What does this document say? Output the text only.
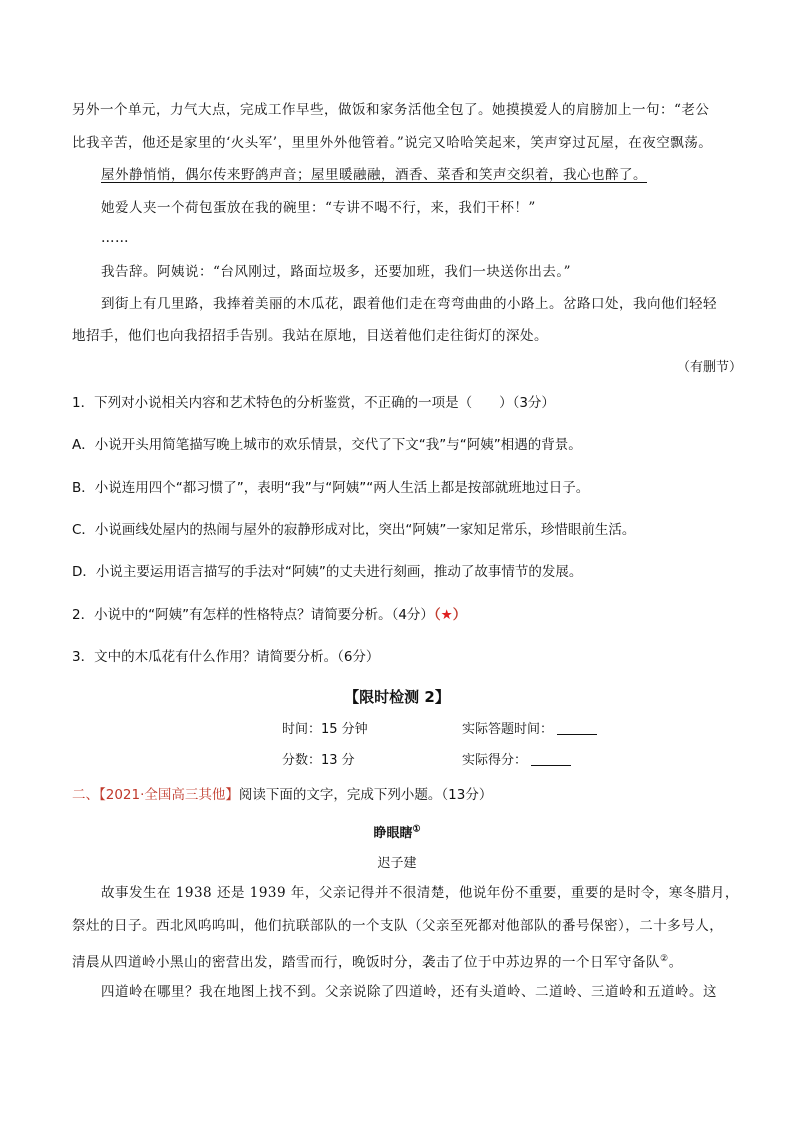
另外一个单元，力气大点，完成工作早些，做饭和家务活他全包了。她摸摸爱人的肩膀加上一句：“老公
比我辛苦，他还是家里的‘火头军’，里里外外他管着。”说完又哈哈笑起来，笑声穿过瓦屋，在夜空飘荡。
屋外静悄悄，偶尔传来野鸽声音；屋里暖融融，酒香、菜香和笑声交织着，我心也醉了。
她爱人夹一个荷包蛋放在我的碗里：“专讲不喝不行，来，我们干杯！”
……
我告辞。阿姨说：“台风刚过，路面垃圾多，还要加班，我们一块送你出去。”
到街上有几里路，我捧着美丽的木瓜花，跟着他们走在弯弯曲曲的小路上。岔路口处，我向他们轻轻
地招手，他们也向我招招手告别。我站在原地，目送着他们走往街灯的深处。
（有删节）
1．下列对小说相关内容和艺术特色的分析鉴赏，不正确的一项是（　　）（3分）
A．小说开头用简笔描写晚上城市的欢乐情景，交代了下文“我”与“阿姨”相遇的背景。
B．小说连用四个“都习惯了”，表明“我”与“阿姨”“两人生活上都是按部就班地过日子。
C．小说画线处屋内的热闹与屋外的寂静形成对比，突出“阿姨”一家知足常乐，珍惜眼前生活。
D．小说主要运用语言描写的手法对“阿姨”的丈夫进行刻画，推动了故事情节的发展。
2．小说中的“阿姨”有怎样的性格特点？请简要分析。（4分）（★）
3．文中的木瓜花有什么作用？请简要分析。（6分）
【限时检测 2】
时间：15 分钟	实际答题时间：
分数：13 分	实际得分：
二、【2021·全国高三其他】阅读下面的文字，完成下列小题。（13分）
睁眼瞎①
迟子建
故事发生在 1938 还是 1939 年，父亲记得并不很清楚，他说年份不重要，重要的是时令，寒冬腊月，
祭灶的日子。西北风呜呜叫，他们抗联部队的一个支队（父亲至死都对他部队的番号保密），二十多号人，
清晨从四道岭小黑山的密营出发，踏雪而行，晚饭时分，袭击了位于中苏边界的一个日军守备队②。
四道岭在哪里？我在地图上找不到。父亲说除了四道岭，还有头道岭、二道岭、三道岭和五道岭。这
